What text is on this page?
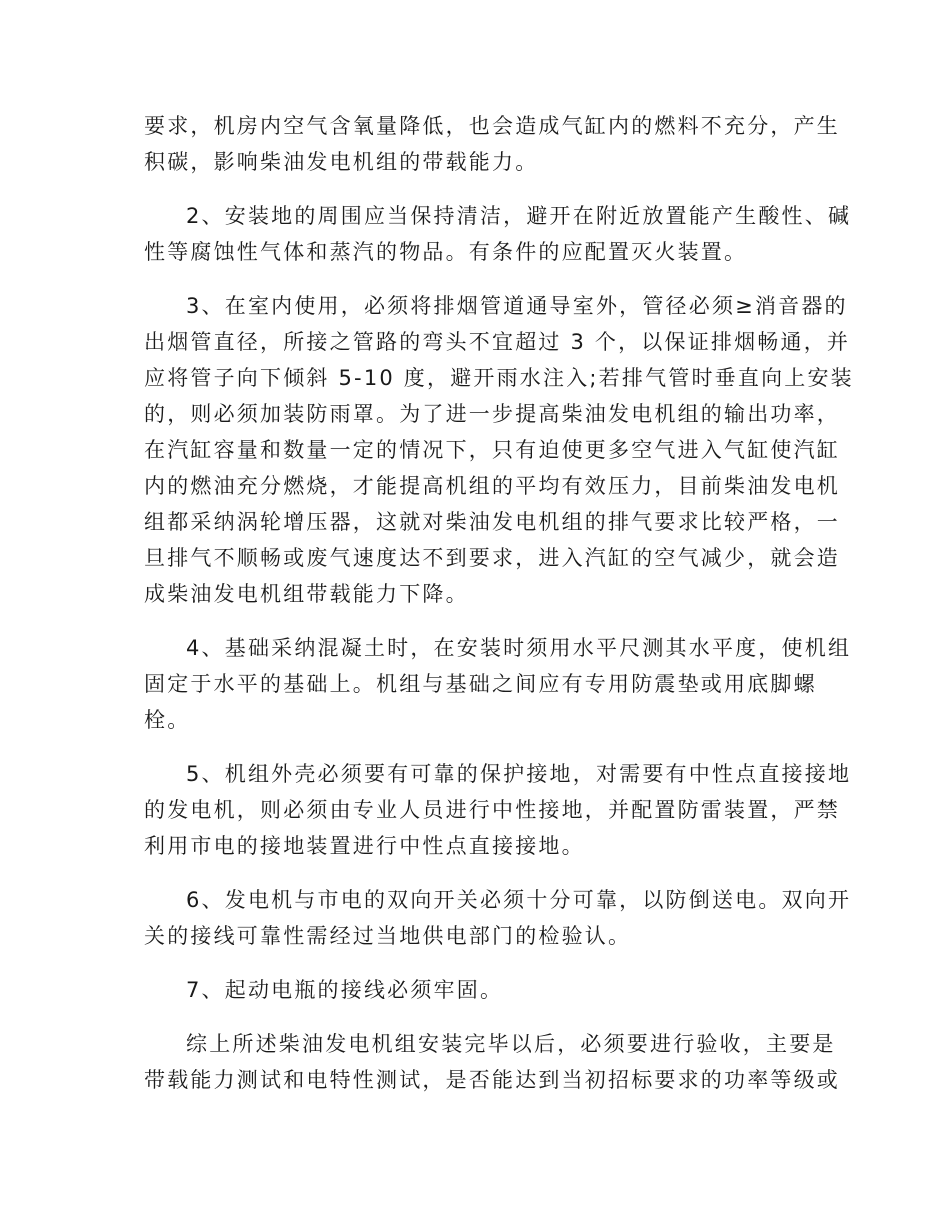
要求，机房内空气含氧量降低，也会造成气缸内的燃料不充分，产生
积碳，影响柴油发电机组的带载能力。
2、安装地的周围应当保持清洁，避开在附近放置能产生酸性、碱
性等腐蚀性气体和蒸汽的物品。有条件的应配置灭火装置。
3、在室内使用，必须将排烟管道通导室外，管径必须≥消音器的
出烟管直径，所接之管路的弯头不宜超过 3 个，以保证排烟畅通，并
应将管子向下倾斜 5-10 度，避开雨水注入;若排气管时垂直向上安装
的，则必须加装防雨罩。为了进一步提高柴油发电机组的输出功率，
在汽缸容量和数量一定的情况下，只有迫使更多空气进入气缸使汽缸
内的燃油充分燃烧，才能提高机组的平均有效压力，目前柴油发电机
组都采纳涡轮增压器，这就对柴油发电机组的排气要求比较严格，一
旦排气不顺畅或废气速度达不到要求，进入汽缸的空气减少，就会造
成柴油发电机组带载能力下降。
4、基础采纳混凝土时，在安装时须用水平尺测其水平度，使机组
固定于水平的基础上。机组与基础之间应有专用防震垫或用底脚螺
栓。
5、机组外壳必须要有可靠的保护接地，对需要有中性点直接接地
的发电机，则必须由专业人员进行中性接地，并配置防雷装置，严禁
利用市电的接地装置进行中性点直接接地。
6、发电机与市电的双向开关必须十分可靠，以防倒送电。双向开
关的接线可靠性需经过当地供电部门的检验认。
7、起动电瓶的接线必须牢固。
综上所述柴油发电机组安装完毕以后，必须要进行验收，主要是
带载能力测试和电特性测试，是否能达到当初招标要求的功率等级或
